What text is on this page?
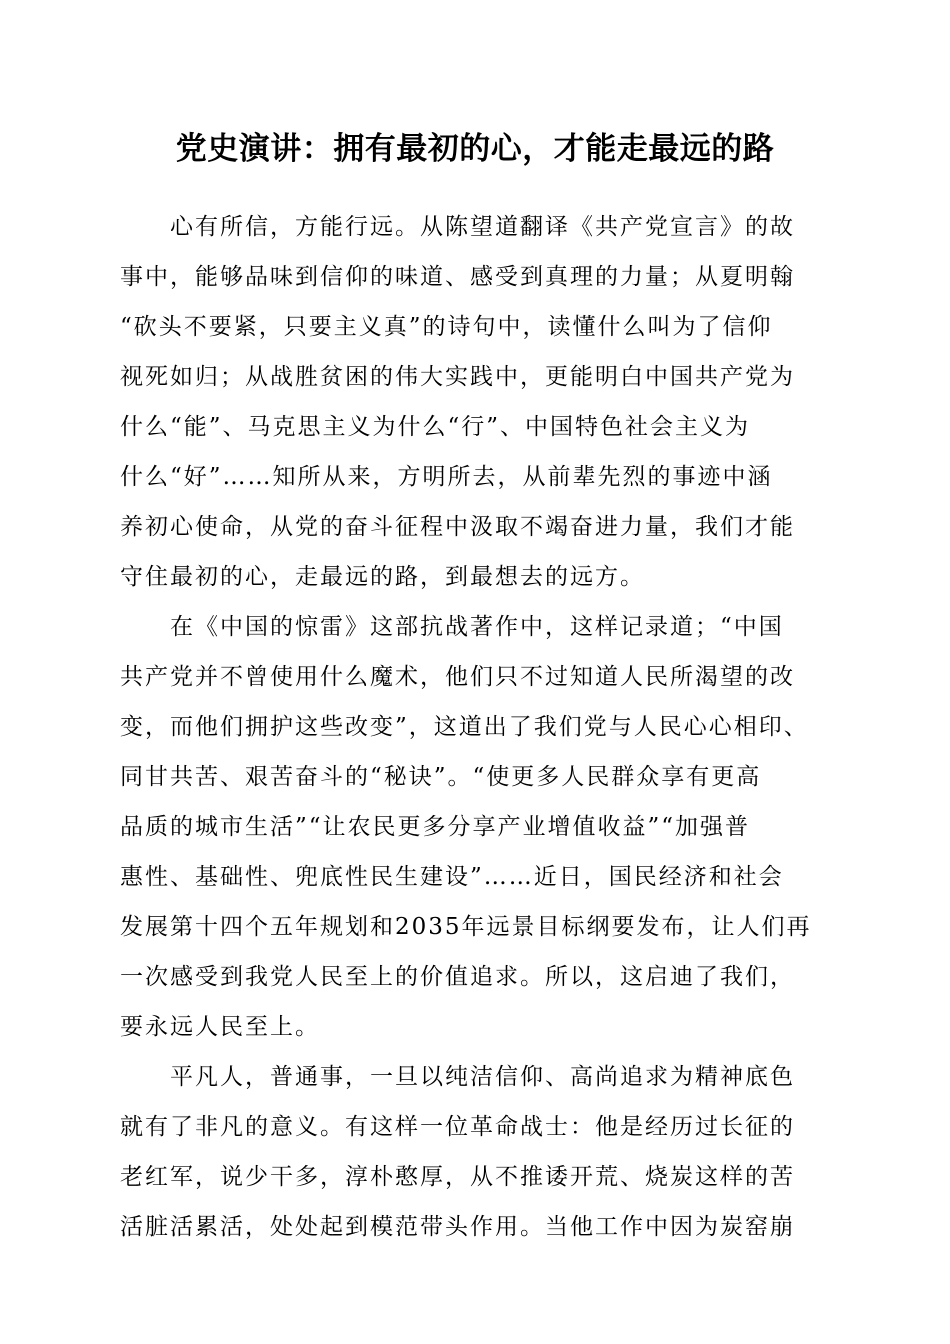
党史演讲：拥有最初的心，才能走最远的路

心有所信，方能行远。从陈望道翻译《共产党宣言》的故
事中，能够品味到信仰的味道、感受到真理的力量；从夏明翰
“砍头不要紧，只要主义真”的诗句中，读懂什么叫为了信仰
视死如归；从战胜贫困的伟大实践中，更能明白中国共产党为
什么“能”、马克思主义为什么“行”、中国特色社会主义为
什么“好”……知所从来，方明所去，从前辈先烈的事迹中涵
养初心使命，从党的奋斗征程中汲取不竭奋进力量，我们才能
守住最初的心，走最远的路，到最想去的远方。

在《中国的惊雷》这部抗战著作中，这样记录道；“中国
共产党并不曾使用什么魔术，他们只不过知道人民所渴望的改
变，而他们拥护这些改变”，这道出了我们党与人民心心相印、
同甘共苦、艰苦奋斗的“秘诀”。“使更多人民群众享有更高
品质的城市生活”“让农民更多分享产业增值收益”“加强普
惠性、基础性、兜底性民生建设”……近日，国民经济和社会
发展第十四个五年规划和2035年远景目标纲要发布，让人们再
一次感受到我党人民至上的价值追求。所以，这启迪了我们，
要永远人民至上。

平凡人，普通事，一旦以纯洁信仰、高尚追求为精神底色
就有了非凡的意义。有这样一位革命战士：他是经历过长征的
老红军，说少干多，淳朴憨厚，从不推诿开荒、烧炭这样的苦
活脏活累活，处处起到模范带头作用。当他工作中因为炭窑崩
